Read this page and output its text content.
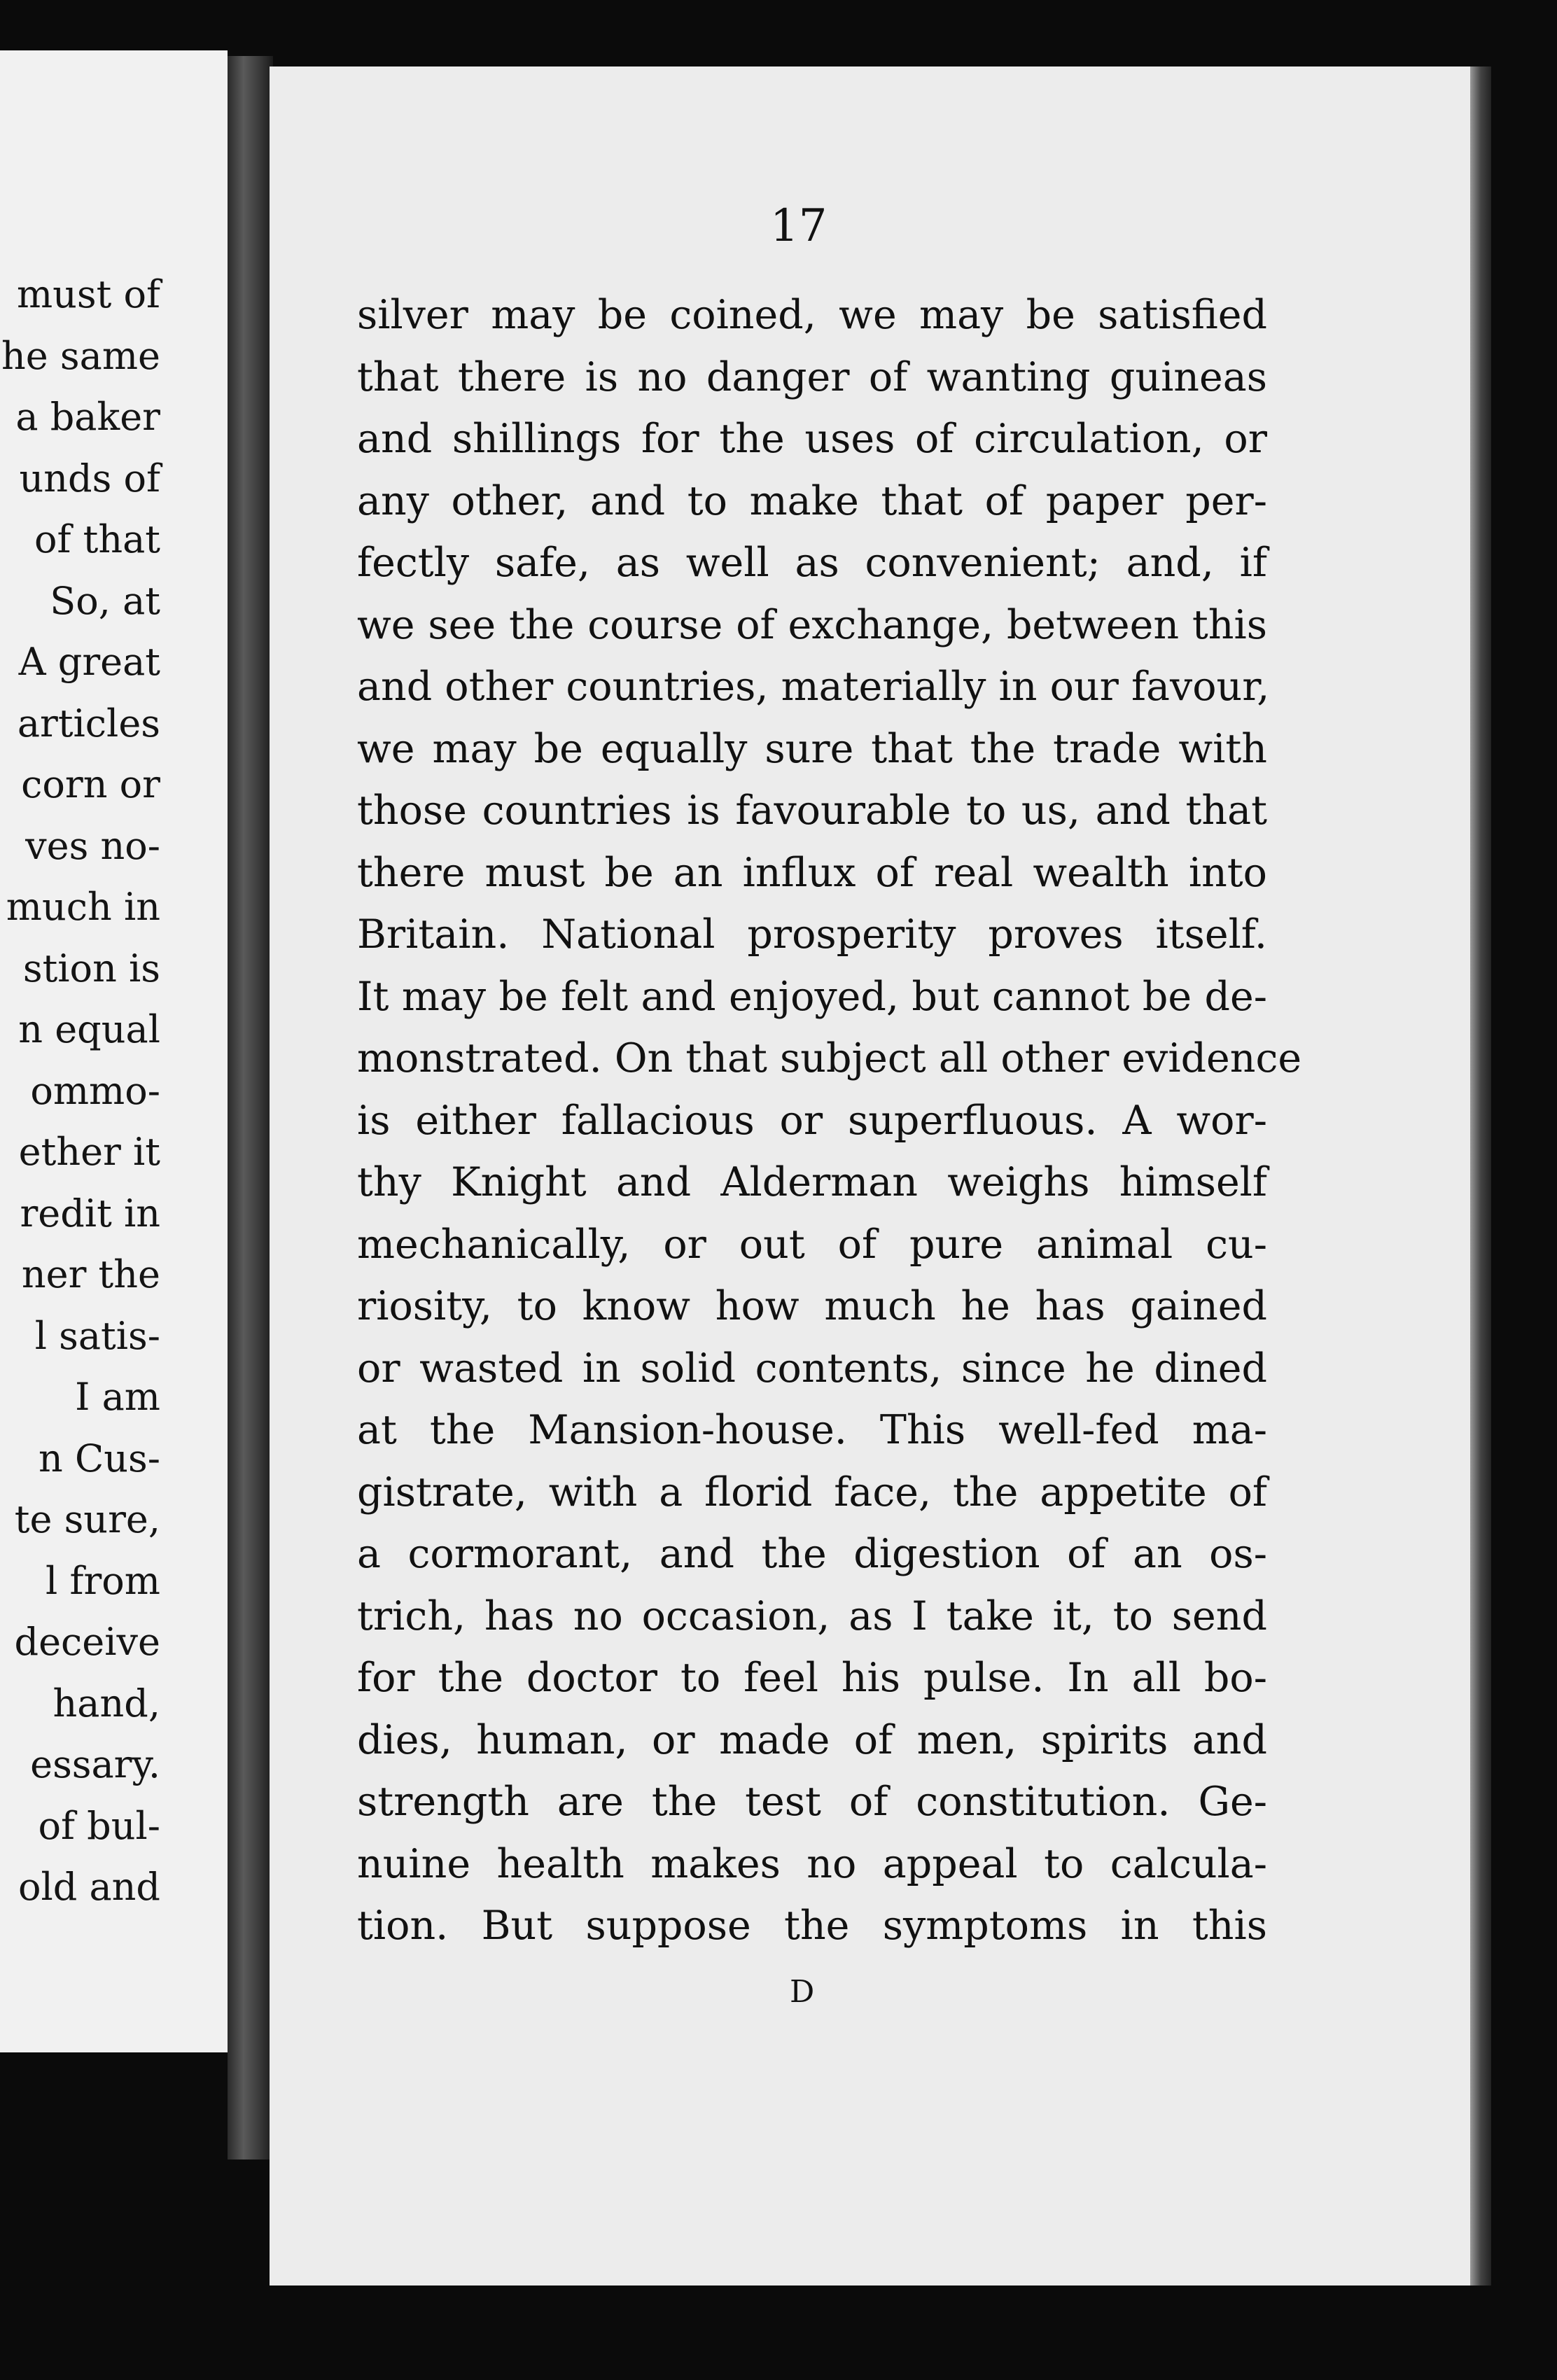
must of
he same
a baker
unds of
of that
So, at
A great
articles
corn or
ves no-
much in
stion is
n equal
ommo-
ether it
redit in
ner the
l satis-
I am
n Cus-
te sure,
l from
deceive
hand,
essary.
of bul-
old and
17
silver may be coined, we may be satisfied
that there is no danger of wanting guineas
and shillings for the uses of circulation, or
any other, and to make that of paper per-
fectly safe, as well as convenient; and, if
we see the course of exchange, between this
and other countries, materially in our favour,
we may be equally sure that the trade with
those countries is favourable to us, and that
there must be an influx of real wealth into
Britain. National prosperity proves itself.
It may be felt and enjoyed, but cannot be de-
monstrated. On that subject all other evidence
is either fallacious or superfluous. A wor-
thy Knight and Alderman weighs himself
mechanically, or out of pure animal cu-
riosity, to know how much he has gained
or wasted in solid contents, since he dined
at the Mansion-house. This well-fed ma-
gistrate, with a florid face, the appetite of
a cormorant, and the digestion of an os-
trich, has no occasion, as I take it, to send
for the doctor to feel his pulse. In all bo-
dies, human, or made of men, spirits and
strength are the test of constitution. Ge-
nuine health makes no appeal to calcula-
tion. But suppose the symptoms in this
D
